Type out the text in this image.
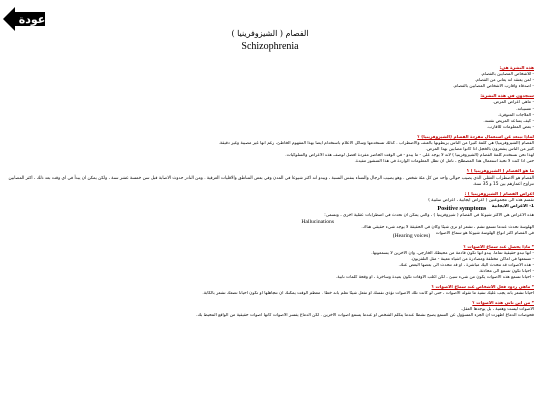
عودة
الفصام ( الشيزوفرينيا )
Schizophrenia
هذه النشرة هي:
- للأشخاص المصابين بالفصام.
- لمن يعتقد أنه يعاني من الفصام.
- أصدقاء وأقارب الأشخاص المصابين بالفصام.
ستجدون في هذه النشرة:
- ماهي أعراض المرض.
- مسبباته.
- العلاجات المتوفرة.
- كيف يساعد المريض نفسه.
- بعض المعلومات للأقارب.
لماذا تبتعد عن استعمال مفردة الفصام (الشيزوفرينيا) ؟
الفصام (الشيزوفرينيا) هي كلمة كثيرا من الناس يربطونها بالعنف والاضطراب . كذلك تستخدمها وسائل الاعلام باستخدام ايضا بهذا المفهوم الخاطئ، رغم انها غير مصيبة وغير دقيقة.
كثير من الناس يشعرون بالخجل اذا كانوا مصابين بهذا المرض.
لهذا نحن نستخدم كلمة الفصام (الشيزوفرينيا ) لانه لا يوجد على - ما يبدو - في الوقت الحاضر مفردة افضل لوصف هذه الاعراض والسلوكيات.
حتى اذا كنت لا تحبذ استعمال هذا المصطلح ، نأمل ان تظل المعلومات الواردة في هذا المنشور مفيدة.
ما هو الفصام ( الشيزوفرينيا ) ؟
الفصام هو الاضطراب العقلي الذي يصيب حوالي واحد من كل مئة شخص . وهو يصيب الرجال والنساء بنفس النسبة ، ويبدو انه اكثر شيوعا في المدن وفي بعض المناطق والاقليات العرقية . ومن النادر حدوث الاصابة قبل سن خمسة عشر سنة ، ولكن يمكن ان يبدأ في اي وقت بعد ذلك ، اكثر المصابين تتراوح اعمارهم بين 15 و 35 سنة.
اعراض الفصام ( الشيزوفرينيا ) :
تقسم هذه الى مجموعتين ( اعراض ايجابية ، اعراض سلبية )
1- الاعراض الايجابية Positive symptoms
هذه الاعراض هي الاكثر شيوعا في الفصام ( شيزوفرينيا ) ، والتي يمكن ان تحدث في اضطرابات عقلية اخرى ، وتسمى:
Hallucinations
الهلوسة تحدث عندما تسمع تشم ، تشعر او ترى شيئا وكان في الحقيقة لا يوجد شيء حقيقي هناك.
في الفصام اكثر انواع الهلوسة شيوعا هو سماع الاصوات (Hearing voices)
* ماذا يحصل عند سماع الاصوات ؟
- انها تبدو حقيقية تماما. يبدو انها تكون قادمة من محيطك الخارجي، وان الاخرين لا يسمعونها.
- تسمعها في اماكن مختلفة ومصادرة من اشياء معينة - مثل التلفزيون.
- هذه الاصوات قد تتحدث اليك مباشرة ، او قد تتحدث الى بعضها البعض عنك.
- احيانا تكون تسمع الى محادثة.
- احيانا تسمع هذه الاصوات يكون من شيء سيئ ، لكن اغلب الاوقات تكون بعيدة وساخرة ، او وقحة كلمات نابية.
* ماهي ردود فعل الاشخاص عند سماع الاصوات ؟
احيانا تشعر بانه يجب عليك تنفيذ ما تقوله الاصوات ، حتى لو كانت تلك الاصوات تؤذي نفسك او تفعل شيئا تعلم بانه خطأ . معظم الوقت يمكنك ان تتجاهلها او تكون احيانا تضعك تشعر بالكآبة.
* من اين تأتي هذه الاصوات ؟
الاصوات ليست وهمية ، بل يوجدها العقل.
فحوصات الدماغ اظهرت ان الجزء المسؤول عن السمع يصبح نشطا عندما يتكلم الشخص او عندما يسمع اصوات الاخرين . لكن الدماغ يفسر الاصوات كانها اصوات حقيقية من الواقع المحيط بك.
